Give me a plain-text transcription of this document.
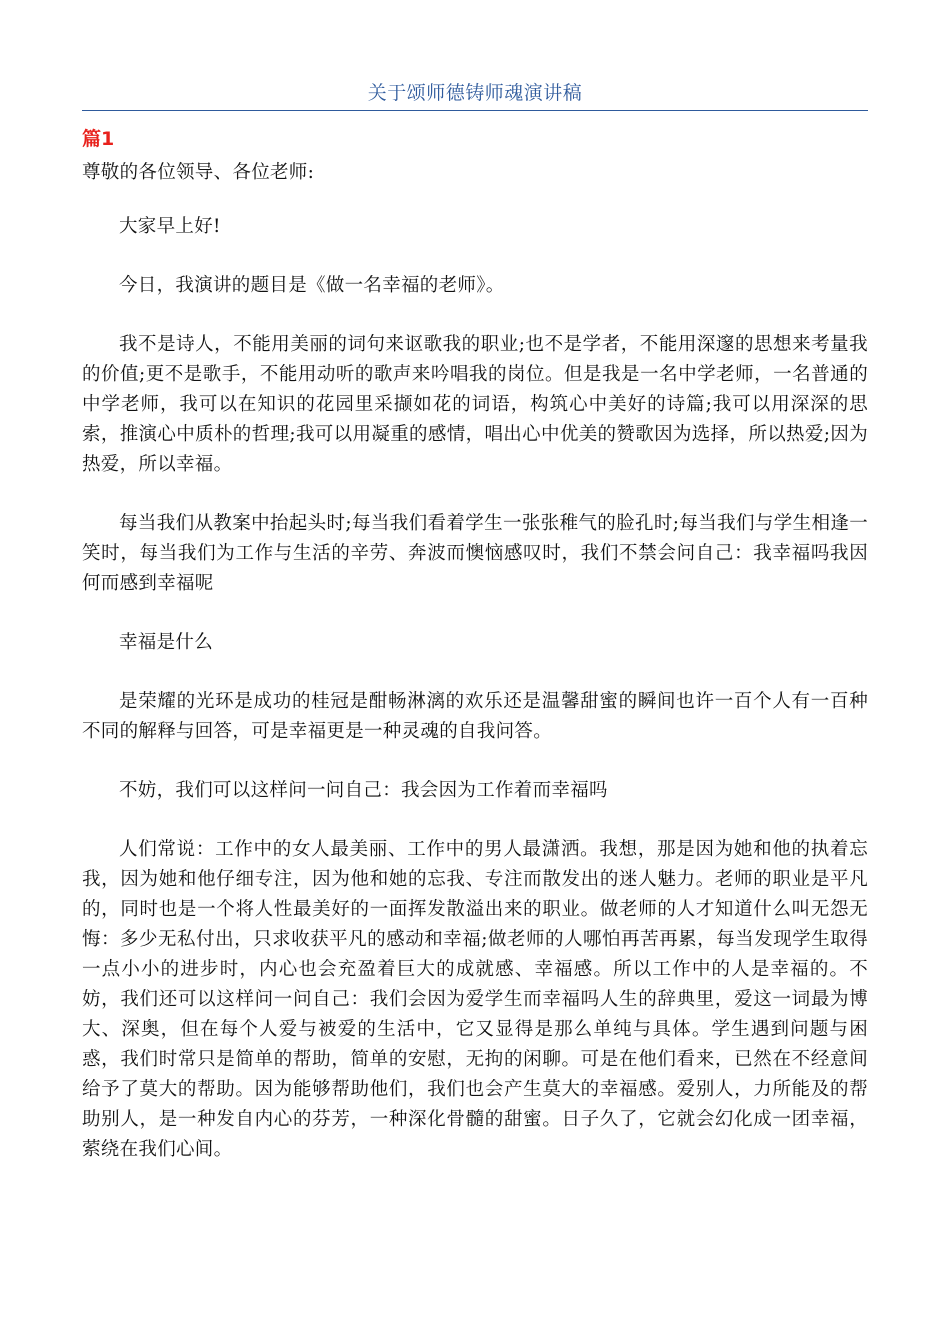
关于颂师德铸师魂演讲稿
篇1

尊敬的各位领导、各位老师:

大家早上好!

今日，我演讲的题目是《做一名幸福的老师》。

我不是诗人，不能用美丽的词句来讴歌我的职业;也不是学者，不能用深邃的思想来考量我的价值;更不是歌手，不能用动听的歌声来吟唱我的岗位。但是我是一名中学老师，一名普通的中学老师，我可以在知识的花园里采撷如花的词语，构筑心中美好的诗篇;我可以用深深的思索，推演心中质朴的哲理;我可以用凝重的感情，唱出心中优美的赞歌因为选择，所以热爱;因为热爱，所以幸福。

每当我们从教案中抬起头时;每当我们看着学生一张张稚气的脸孔时;每当我们与学生相逢一笑时，每当我们为工作与生活的辛劳、奔波而懊恼感叹时，我们不禁会问自己：我幸福吗我因何而感到幸福呢

幸福是什么

是荣耀的光环是成功的桂冠是酣畅淋漓的欢乐还是温馨甜蜜的瞬间也许一百个人有一百种不同的解释与回答，可是幸福更是一种灵魂的自我问答。

不妨，我们可以这样问一问自己：我会因为工作着而幸福吗

人们常说：工作中的女人最美丽、工作中的男人最潇洒。我想，那是因为她和他的执着忘我，因为她和他仔细专注，因为他和她的忘我、专注而散发出的迷人魅力。老师的职业是平凡的，同时也是一个将人性最美好的一面挥发散溢出来的职业。做老师的人才知道什么叫无怨无悔：多少无私付出，只求收获平凡的感动和幸福;做老师的人哪怕再苦再累，每当发现学生取得一点小小的进步时，内心也会充盈着巨大的成就感、幸福感。所以工作中的人是幸福的。不妨，我们还可以这样问一问自己：我们会因为爱学生而幸福吗人生的辞典里，爱这一词最为博大、深奥，但在每个人爱与被爱的生活中，它又显得是那么单纯与具体。学生遇到问题与困惑，我们时常只是简单的帮助，简单的安慰，无拘的闲聊。可是在他们看来，已然在不经意间给予了莫大的帮助。因为能够帮助他们，我们也会产生莫大的幸福感。爱别人，力所能及的帮助别人，是一种发自内心的芬芳，一种深化骨髓的甜蜜。日子久了，它就会幻化成一团幸福，萦绕在我们心间。
